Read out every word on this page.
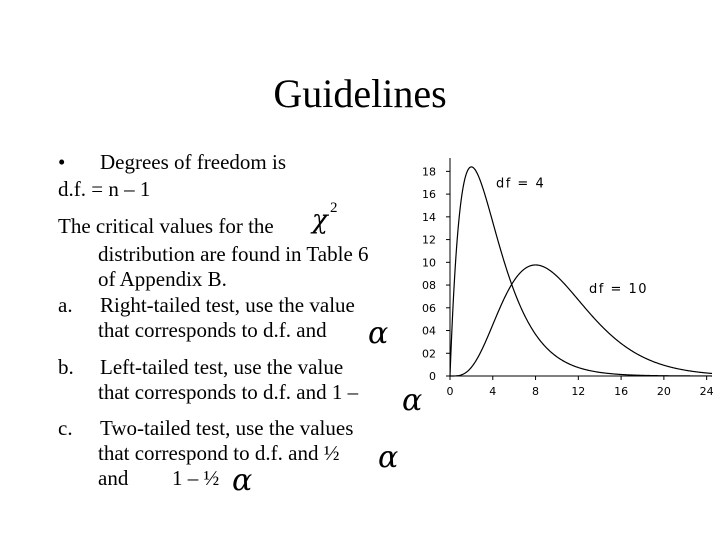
Guidelines
• Degrees of freedom is
d.f. = n – 1
The critical values for the χ 2
distribution are found in Table 6
of Appendix B.
a. Right-tailed test, use the value
that corresponds to d.f. and α
b. Left-tailed test, use the value
that corresponds to d.f. and 1 – α
c. Two-tailed test, use the values
that correspond to d.f. and ½ α
and 1 – ½ α
0	4	8	12	16	20	24
0
02
04
06
08
10
12
14
16
18
df = 4
df = 10
